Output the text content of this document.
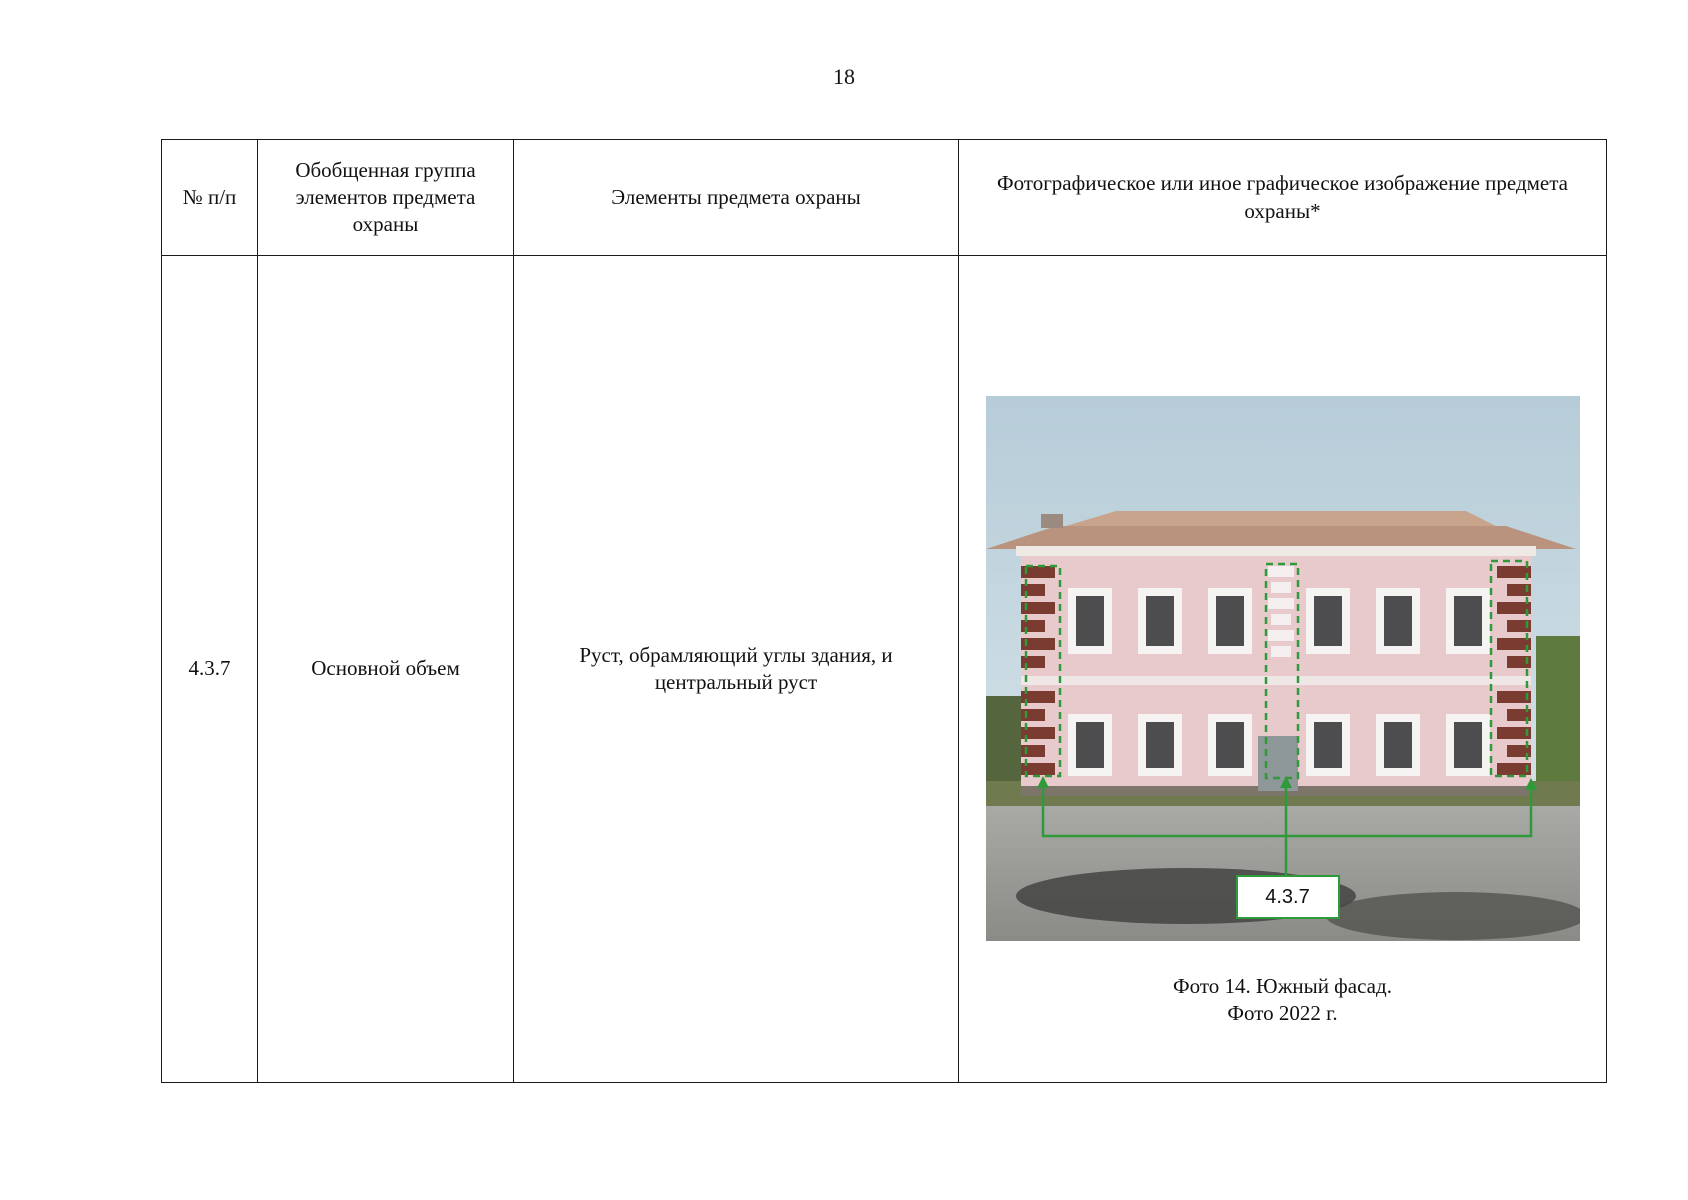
18
№ п/п	Обобщенная группа элементов предмета охраны	Элементы предмета охраны	Фотографическое или иное графическое изображение предмета охраны*
4.3.7	Основной объем	Руст, обрамляющий углы здания, и центральный руст	4.3.7
Фото 14. Южный фасад.
Фото 2022 г.
